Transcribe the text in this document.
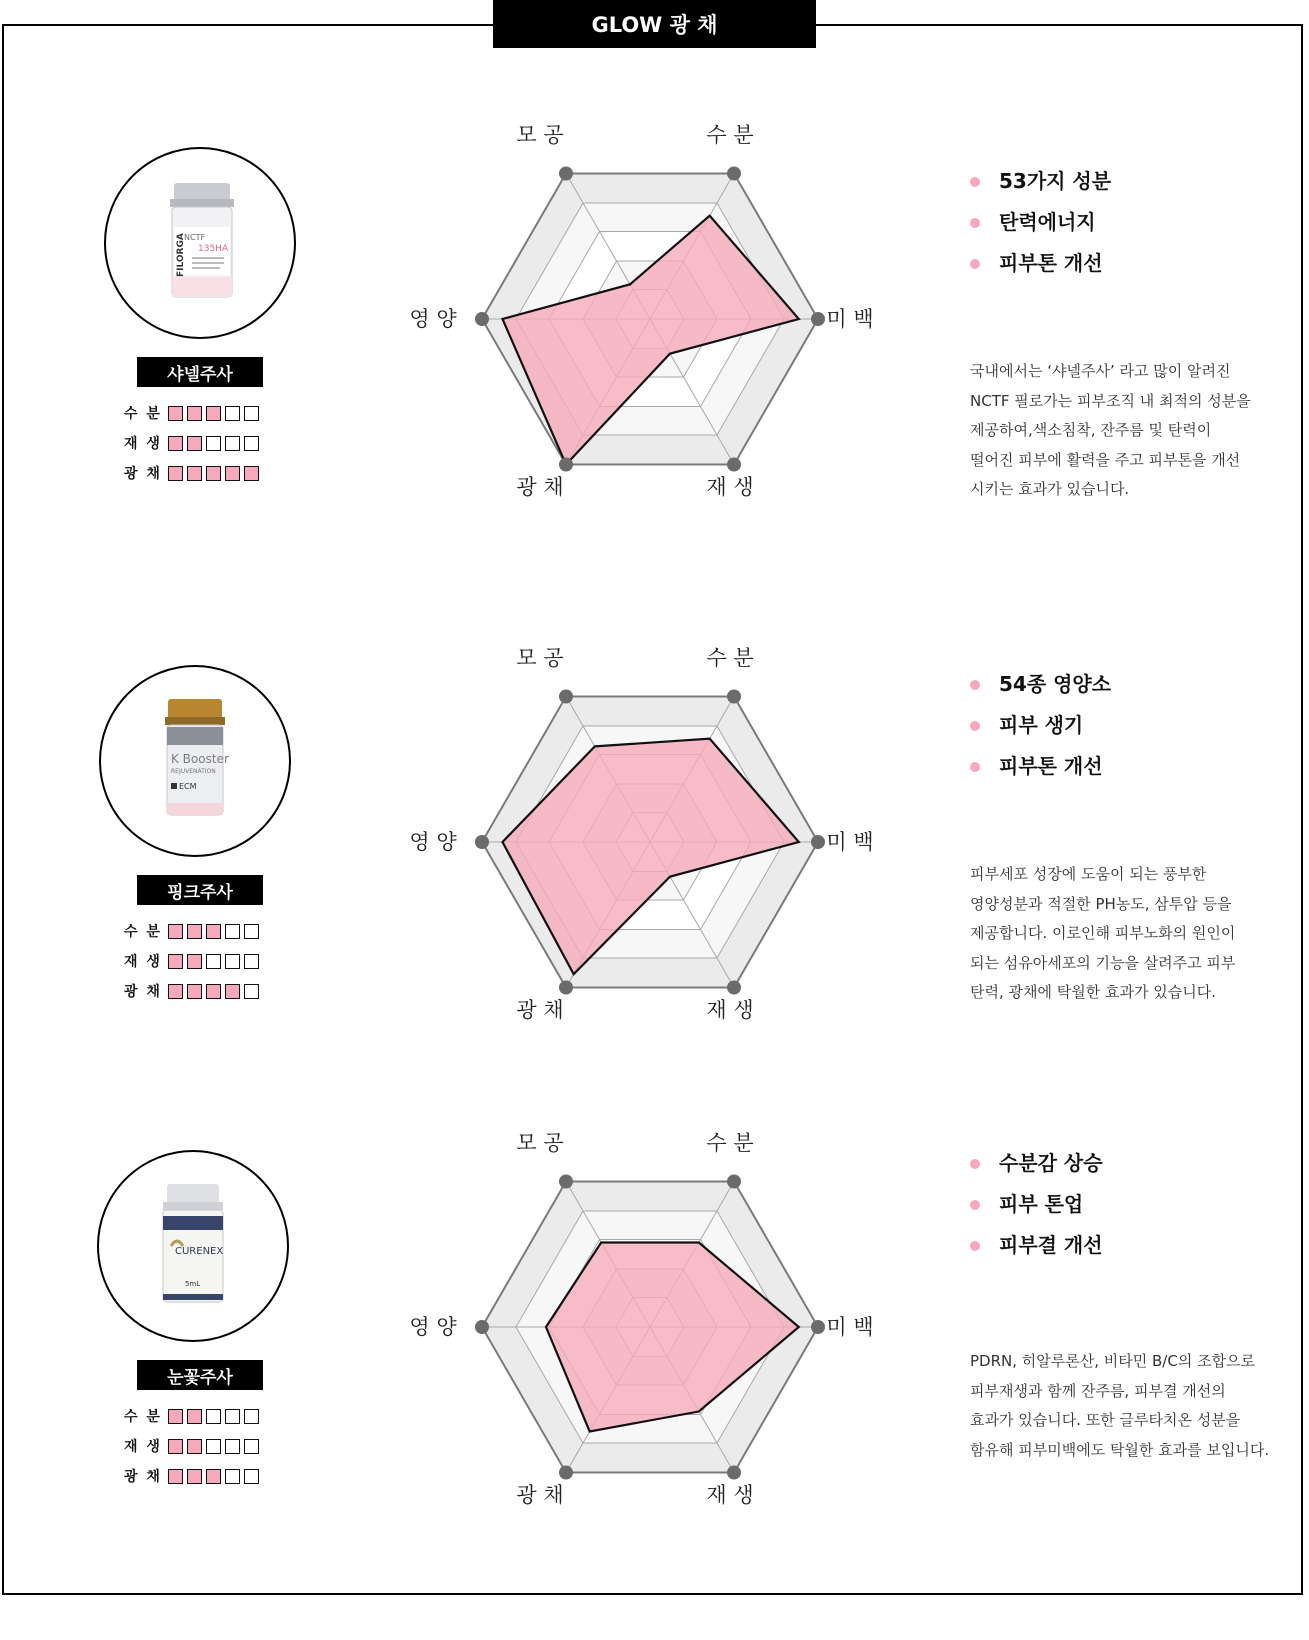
GLOW 광 채
NCTF
135HA
FILORGA
샤넬주사
수 분
재 생
광 채
모 공	수 분
미 백
재 생
광 채
영 양
53가지 성분
탄력에너지
피부톤 개선

국내에서는 ‘샤넬주사’ 라고 많이 알려진
NCTF 필로가는 피부조직 내 최적의 성분을
제공하여,색소침착, 잔주름 및 탄력이
떨어진 피부에 활력을 주고 피부톤을 개선
시키는 효과가 있습니다.

K Booster
REJUVENATION
ECM
핑크주사
수 분
재 생
광 채
모 공	수 분
미 백
재 생
광 채
영 양
54종 영양소
피부 생기
피부톤 개선

피부세포 성장에 도움이 되는 풍부한
영양성분과 적절한 PH농도, 삼투압 등을
제공합니다. 이로인해 피부노화의 원인이
되는 섬유아세포의 기능을 살려주고 피부
탄력, 광채에 탁월한 효과가 있습니다.

CURENEX
5mL
눈꽃주사
수 분
재 생
광 채
모 공	수 분
미 백
재 생
광 채
영 양
수분감 상승
피부 톤업
피부결 개선

PDRN, 히알루론산, 비타민 B/C의 조합으로
피부재생과 함께 잔주름, 피부결 개선의
효과가 있습니다. 또한 글루타치온 성분을
함유해 피부미백에도 탁월한 효과를 보입니다.
